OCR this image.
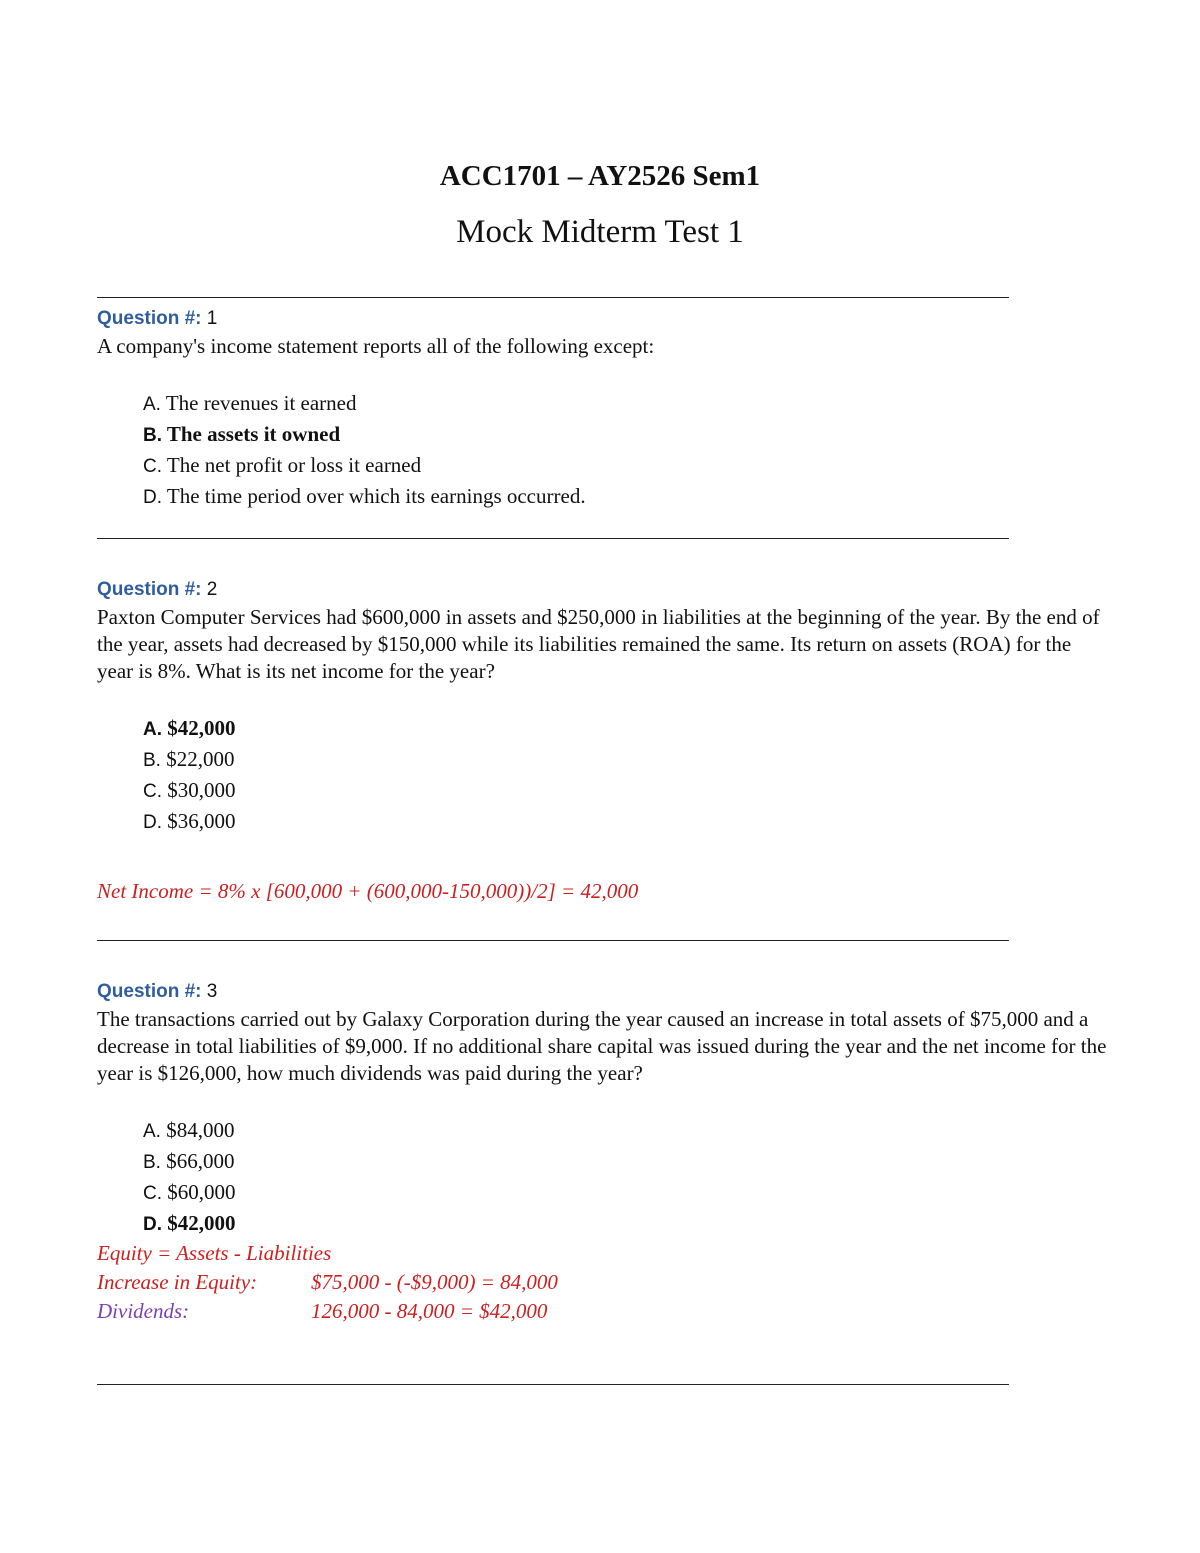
ACC1701 – AY2526 Sem1
Mock Midterm Test 1
Question #: 1

A company's income statement reports all of the following except:

A. The revenues it earned
B. The assets it owned
C. The net profit or loss it earned
D. The time period over which its earnings occurred.
Question #: 2

Paxton Computer Services had $600,000 in assets and $250,000 in liabilities at the beginning of the year. By the end of the year, assets had decreased by $150,000 while its liabilities remained the same. Its return on assets (ROA) for the year is 8%. What is its net income for the year?

A. $42,000
B. $22,000
C. $30,000
D. $36,000
Net Income = 8% x [600,000 + (600,000-150,000))/2] = 42,000
Question #: 3

The transactions carried out by Galaxy Corporation during the year caused an increase in total assets of $75,000 and a decrease in total liabilities of $9,000. If no additional share capital was issued during the year and the net income for the year is $126,000, how much dividends was paid during the year?

A. $84,000
B. $66,000
C. $60,000
D. $42,000
Equity = Assets - Liabilities
Increase in Equity:	$75,000 - (-$9,000) = 84,000
Dividends:	126,000 - 84,000 = $42,000
